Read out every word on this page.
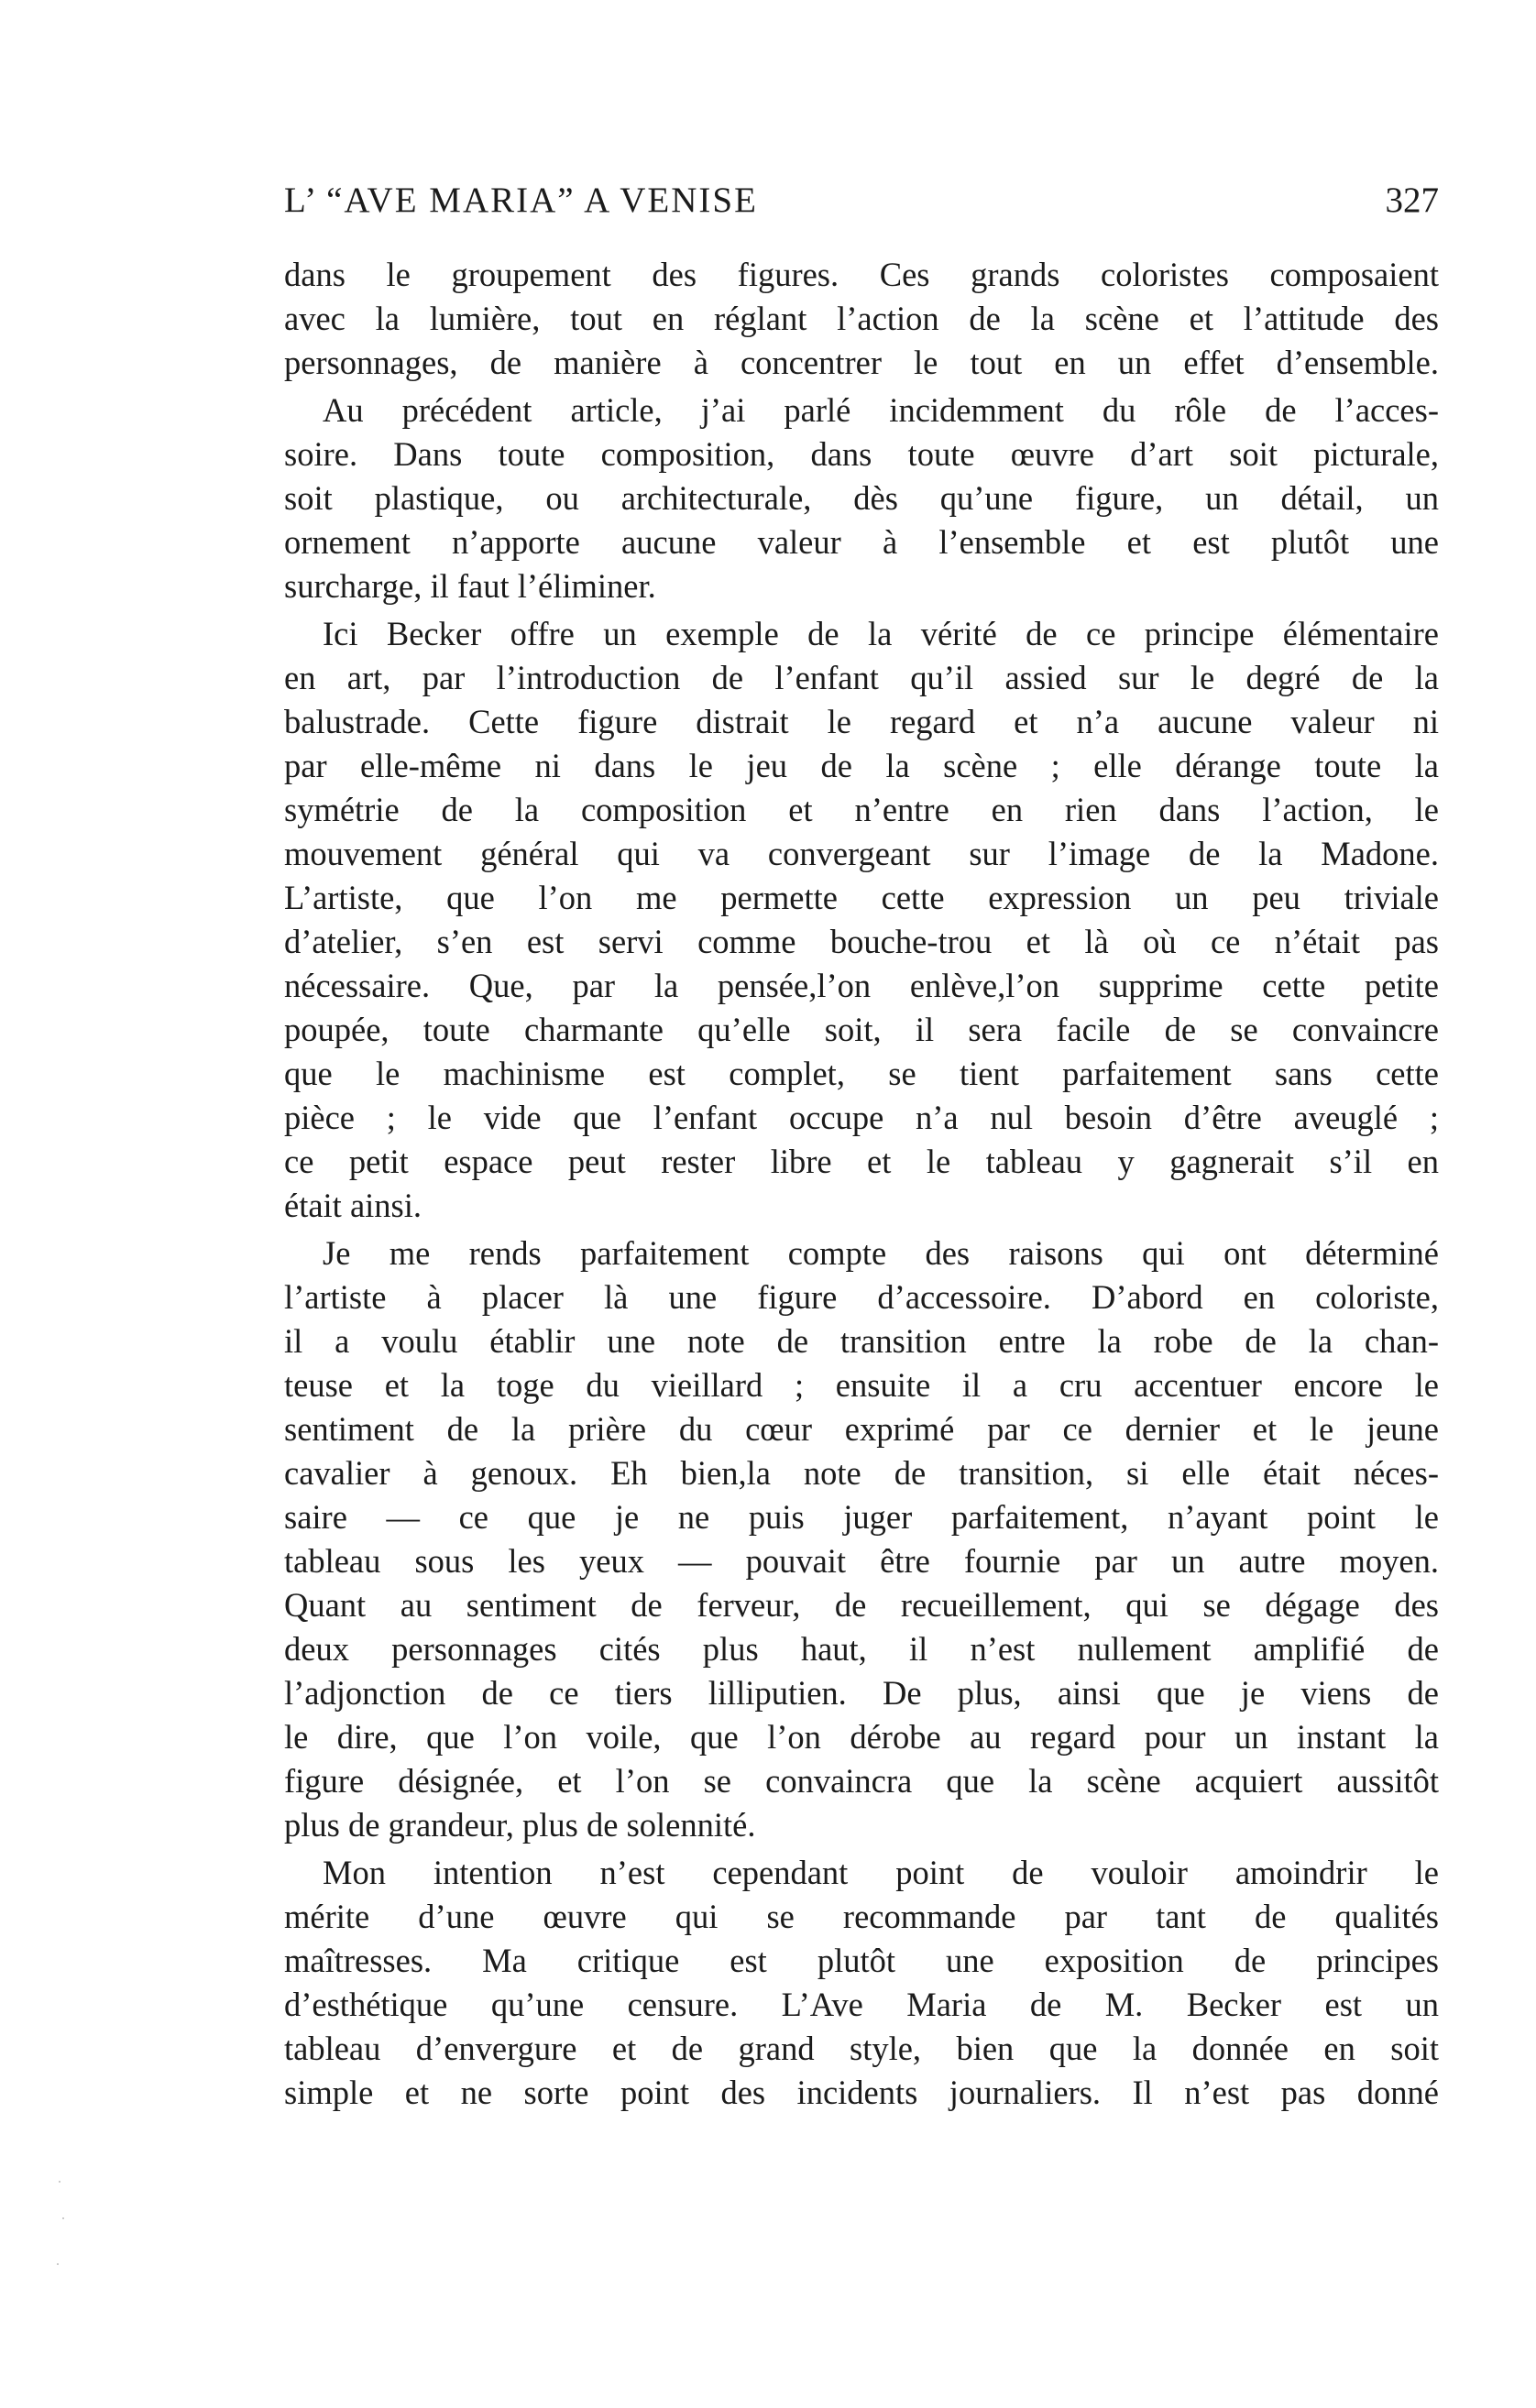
L’ “AVE MARIA” A VENISE	327
dans le groupement des figures. Ces grands coloristes composaient
avec la lumière, tout en réglant l’action de la scène et l’attitude des
personnages, de manière à concentrer le tout en un effet d’ensemble.
Au précédent article, j’ai parlé incidemment du rôle de l’acces-
soire. Dans toute composition, dans toute œuvre d’art soit picturale,
soit plastique, ou architecturale, dès qu’une figure, un détail, un
ornement n’apporte aucune valeur à l’ensemble et est plutôt une
surcharge, il faut l’éliminer.
Ici Becker offre un exemple de la vérité de ce principe élémentaire
en art, par l’introduction de l’enfant qu’il assied sur le degré de la
balustrade. Cette figure distrait le regard et n’a aucune valeur ni
par elle-même ni dans le jeu de la scène ; elle dérange toute la
symétrie de la composition et n’entre en rien dans l’action, le
mouvement général qui va convergeant sur l’image de la Madone.
L’artiste, que l’on me permette cette expression un peu triviale
d’atelier, s’en est servi comme bouche-trou et là où ce n’était pas
nécessaire. Que, par la pensée,l’on enlève,l’on supprime cette petite
poupée, toute charmante qu’elle soit, il sera facile de se convaincre
que le machinisme est complet, se tient parfaitement sans cette
pièce ; le vide que l’enfant occupe n’a nul besoin d’être aveuglé ;
ce petit espace peut rester libre et le tableau y gagnerait s’il en
était ainsi.
Je me rends parfaitement compte des raisons qui ont déterminé
l’artiste à placer là une figure d’accessoire. D’abord en coloriste,
il a voulu établir une note de transition entre la robe de la chan-
teuse et la toge du vieillard ; ensuite il a cru accentuer encore le
sentiment de la prière du cœur exprimé par ce dernier et le jeune
cavalier à genoux. Eh bien,la note de transition, si elle était néces-
saire — ce que je ne puis juger parfaitement, n’ayant point le
tableau sous les yeux — pouvait être fournie par un autre moyen.
Quant au sentiment de ferveur, de recueillement, qui se dégage des
deux personnages cités plus haut, il n’est nullement amplifié de
l’adjonction de ce tiers lilliputien. De plus, ainsi que je viens de
le dire, que l’on voile, que l’on dérobe au regard pour un instant la
figure désignée, et l’on se convaincra que la scène acquiert aussitôt
plus de grandeur, plus de solennité.
Mon intention n’est cependant point de vouloir amoindrir le
mérite d’une œuvre qui se recommande par tant de qualités
maîtresses. Ma critique est plutôt une exposition de principes
d’esthétique qu’une censure. L’Ave Maria de M. Becker est un
tableau d’envergure et de grand style, bien que la donnée en soit
simple et ne sorte point des incidents journaliers. Il n’est pas donné
